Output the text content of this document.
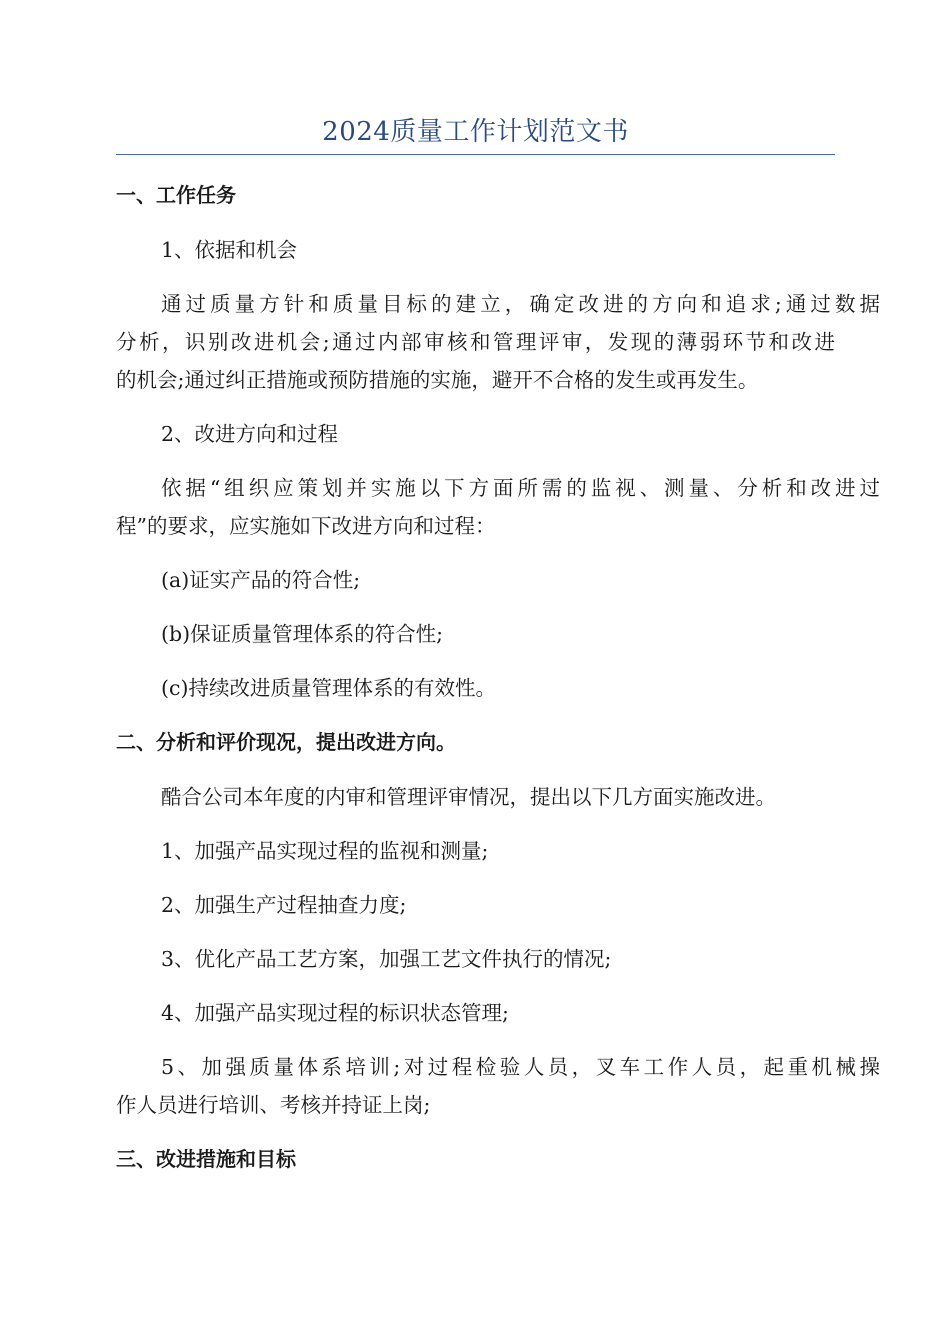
2024质量工作计划范文书
一、工作任务
1、依据和机会
通过质量方针和质量目标的建立，确定改进的方向和追求;通过数据
分析，识别改进机会;通过内部审核和管理评审，发现的薄弱环节和改进
的机会;通过纠正措施或预防措施的实施，避开不合格的发生或再发生。
2、改进方向和过程
依据“组织应策划并实施以下方面所需的监视、测量、分析和改进过
程”的要求，应实施如下改进方向和过程：
(a)证实产品的符合性;
(b)保证质量管理体系的符合性;
(c)持续改进质量管理体系的有效性。
二、分析和评价现况，提出改进方向。
酷合公司本年度的内审和管理评审情况，提出以下几方面实施改进。
1、加强产品实现过程的监视和测量;
2、加强生产过程抽查力度;
3、优化产品工艺方案，加强工艺文件执行的情况;
4、加强产品实现过程的标识状态管理;
5、加强质量体系培训;对过程检验人员，叉车工作人员，起重机械操
作人员进行培训、考核并持证上岗;
三、改进措施和目标
